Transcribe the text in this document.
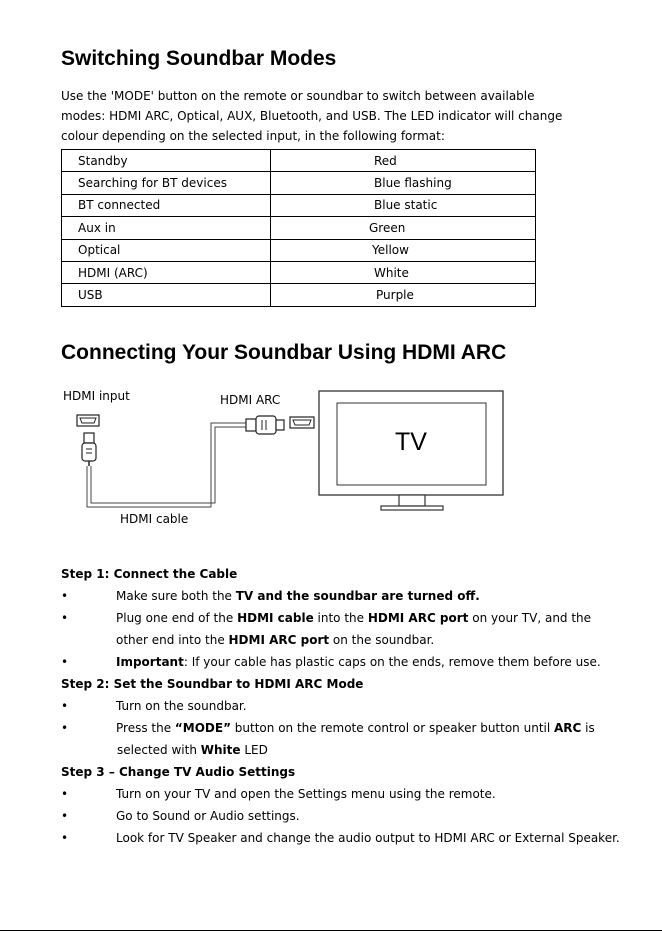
Switching Soundbar Modes

Use the 'MODE' button on the remote or soundbar to switch between available modes: HDMI ARC, Optical, AUX, Bluetooth, and USB. The LED indicator will change colour depending on the selected input, in the following format:

Standby	Red
Searching for BT devices	Blue flashing
BT connected	Blue static
Aux in	Green
Optical	Yellow
HDMI (ARC)	White
USB	Purple
Connecting Your Soundbar Using HDMI ARC
HDMI input	HDMI ARC
HDMI cable
TV
Step 1: Connect the Cable
•	Make sure both the TV and the soundbar are turned off.
•	Plug one end of the HDMI cable into the HDMI ARC port on your TV, and the
other end into the HDMI ARC port on the soundbar.
•	Important: If your cable has plastic caps on the ends, remove them before use.
Step 2: Set the Soundbar to HDMI ARC Mode
•	Turn on the soundbar.
•	Press the “MODE” button on the remote control or speaker button until ARC is
selected with White LED
Step 3 – Change TV Audio Settings
•	Turn on your TV and open the Settings menu using the remote.
•	Go to Sound or Audio settings.
•	Look for TV Speaker and change the audio output to HDMI ARC or External Speaker.
